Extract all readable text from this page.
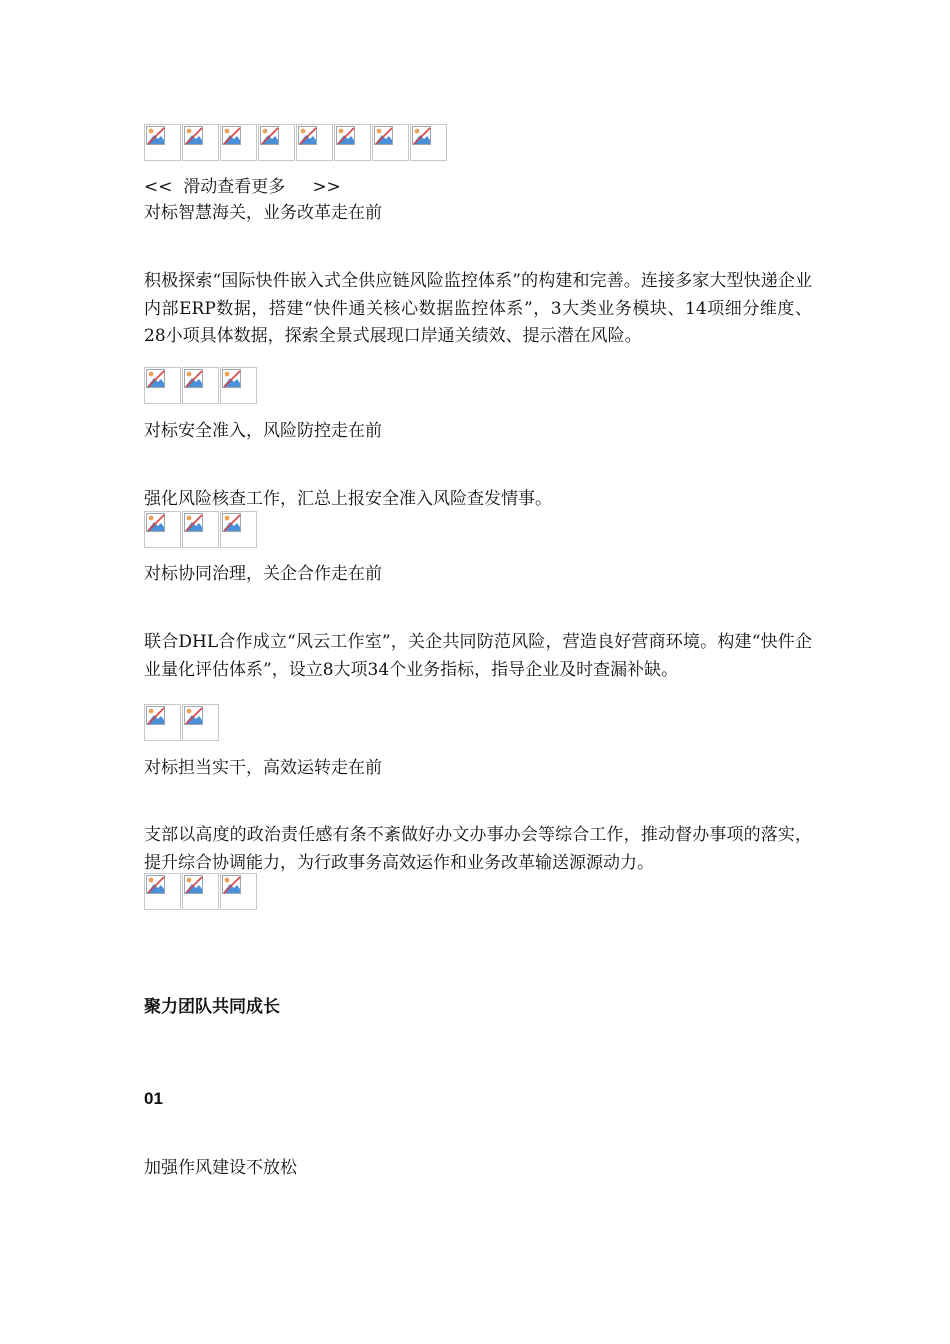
<<  滑动查看更多     >>
对标智慧海关，业务改革走在前
积极探索“国际快件嵌入式全供应链风险监控体系”的构建和完善。连接多家大型快递企业内部ERP数据，搭建“快件通关核心数据监控体系”，3大类业务模块、14项细分维度、28小项具体数据，探索全景式展现口岸通关绩效、提示潜在风险。
对标安全准入，风险防控走在前
强化风险核查工作，汇总上报安全准入风险查发情事。
对标协同治理，关企合作走在前
联合DHL合作成立“风云工作室”，关企共同防范风险，营造良好营商环境。构建“快件企业量化评估体系”，设立8大项34个业务指标，指导企业及时查漏补缺。
对标担当实干，高效运转走在前
支部以高度的政治责任感有条不紊做好办文办事办会等综合工作，推动督办事项的落实，提升综合协调能力，为行政事务高效运作和业务改革输送源源动力。
聚力团队共同成长
01
加强作风建设不放松
